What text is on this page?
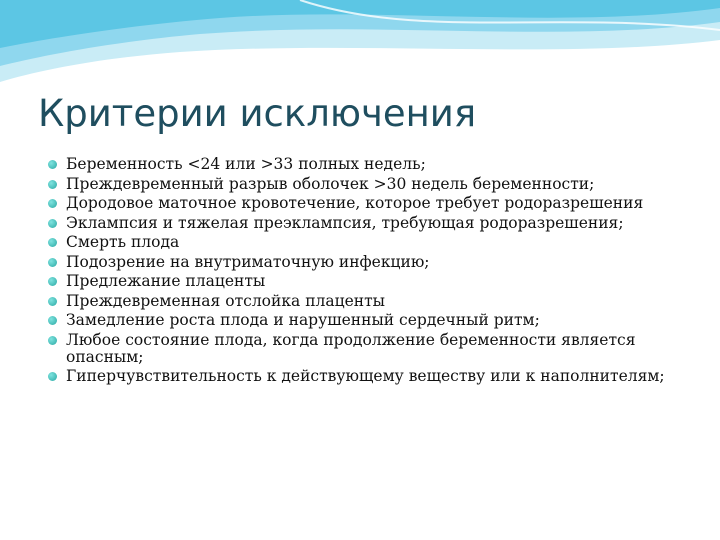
Критерии исключения
Беременность <24 или >33 полных недель;
Преждевременный разрыв оболочек >30 недель беременности;
Дородовое маточное кровотечение, которое требует родоразрешения
Эклампсия и тяжелая преэклампсия, требующая родоразрешения;
Смерть плода
Подозрение на внутриматочную инфекцию;
Предлежание плаценты
Преждевременная отслойка плаценты
Замедление роста плода и нарушенный сердечный ритм;
Любое состояние плода, когда продолжение беременности является опасным;
Гиперчувствительность к действующему веществу или к наполнителям;
